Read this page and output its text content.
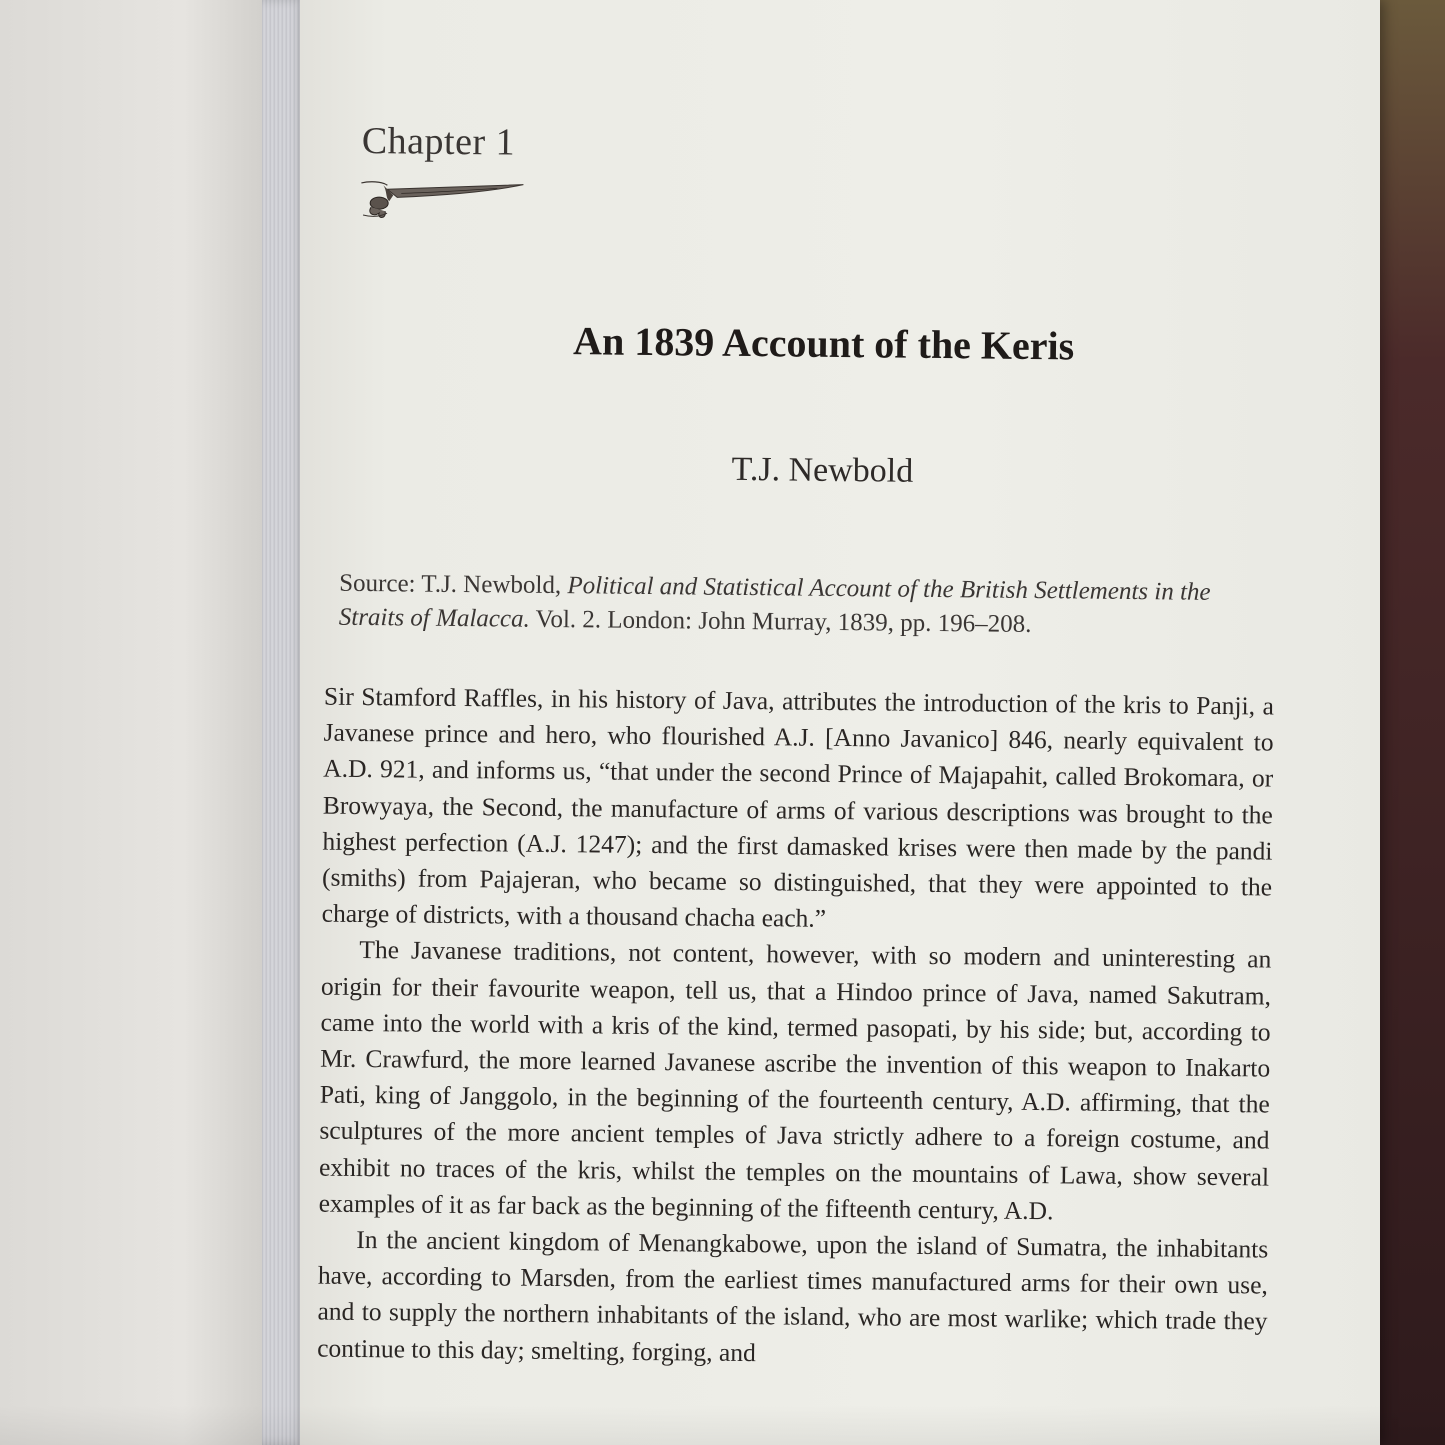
Chapter 1
An 1839 Account of the Keris
T.J. Newbold
Source: T.J. Newbold, Political and Statistical Account of the British Settlements in the Straits of Malacca. Vol. 2. London: John Murray, 1839, pp. 196–208.

Sir Stamford Raffles, in his history of Java, attributes the introduction of the kris to Panji, a Javanese prince and hero, who flourished A.J. [Anno Javanico] 846, nearly equivalent to A.D. 921, and informs us, “that under the second Prince of Majapahit, called Brokomara, or Browyaya, the Second, the manufacture of arms of various descriptions was brought to the highest perfection (A.J. 1247); and the first damasked krises were then made by the pandi (smiths) from Pajajeran, who became so distinguished, that they were appointed to the charge of districts, with a thousand chacha each.”

The Javanese traditions, not content, however, with so modern and uninteresting an origin for their favourite weapon, tell us, that a Hindoo prince of Java, named Sakutram, came into the world with a kris of the kind, termed pasopati, by his side; but, according to Mr. Crawfurd, the more learned Javanese ascribe the invention of this weapon to Inakarto Pati, king of Janggolo, in the beginning of the fourteenth century, A.D. affirming, that the sculptures of the more ancient temples of Java strictly adhere to a foreign costume, and exhibit no traces of the kris, whilst the temples on the mountains of Lawa, show several examples of it as far back as the beginning of the fifteenth century, A.D.

In the ancient kingdom of Menangkabowe, upon the island of Sumatra, the inhabitants have, according to Marsden, from the earliest times manufactured arms for their own use, and to supply the northern inhabitants of the island, who are most warlike; which trade they continue to this day; smelting, forging, and
